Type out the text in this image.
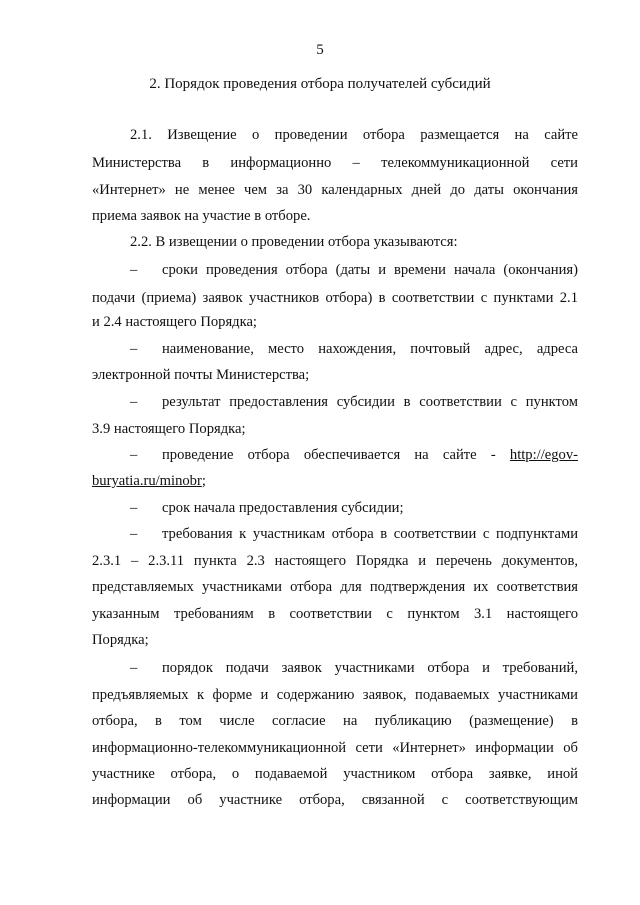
5
2. Порядок проведения отбора получателей субсидий
2.1. Извещение о проведении отбора размещается на сайте
Министерства в информационно – телекоммуникационной сети
«Интернет» не менее чем за 30 календарных дней до даты окончания
приема заявок на участие в отборе.
2.2. В извещении о проведении отбора указываются:
– сроки проведения отбора (даты и времени начала (окончания)
подачи (приема) заявок участников отбора) в соответствии с пунктами 2.1
и 2.4 настоящего Порядка;
– наименование, место нахождения, почтовый адрес, адреса
электронной почты Министерства;
– результат предоставления субсидии в соответствии с пунктом
3.9 настоящего Порядка;
– проведение отбора обеспечивается на сайте - http://egov-
buryatia.ru/minobr;
– срок начала предоставления субсидии;
– требования к участникам отбора в соответствии с подпунктами
2.3.1 – 2.3.11 пункта 2.3 настоящего Порядка и перечень документов,
представляемых участниками отбора для подтверждения их соответствия
указанным требованиям в соответствии с пунктом 3.1 настоящего
Порядка;
– порядок подачи заявок участниками отбора и требований,
предъявляемых к форме и содержанию заявок, подаваемых участниками
отбора, в том числе согласие на публикацию (размещение) в
информационно-телекоммуникационной сети «Интернет» информации об
участнике отбора, о подаваемой участником отбора заявке, иной
информации об участнике отбора, связанной с соответствующим
